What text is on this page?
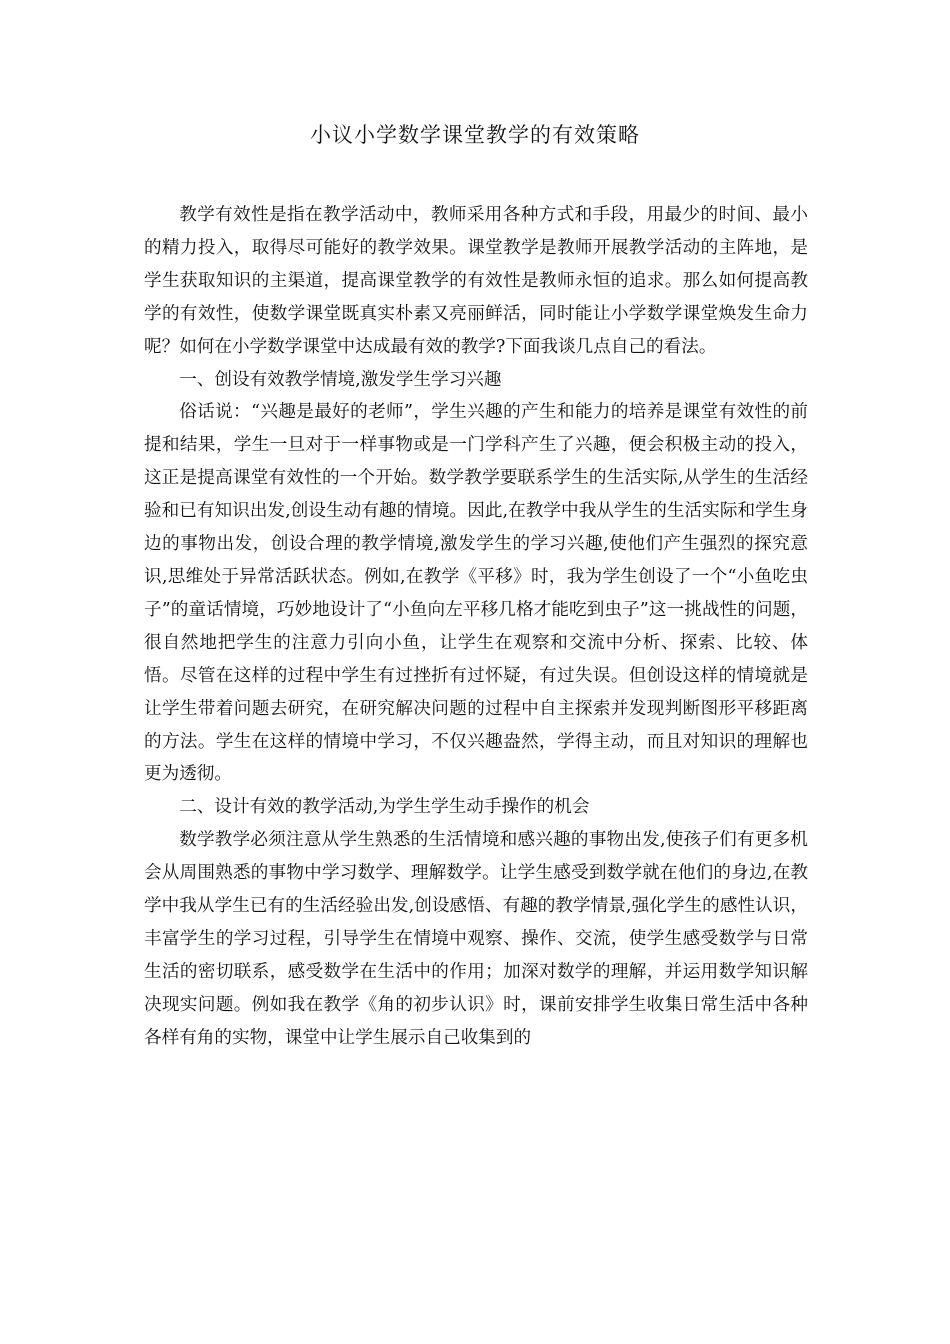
小议小学数学课堂教学的有效策略

教学有效性是指在教学活动中，教师采用各种方式和手段，用最少的时间、最小的精力投入，取得尽可能好的教学效果。课堂教学是教师开展教学活动的主阵地，是学生获取知识的主渠道，提高课堂教学的有效性是教师永恒的追求。那么如何提高教学的有效性，使数学课堂既真实朴素又亮丽鲜活，同时能让小学数学课堂焕发生命力呢？如何在小学数学课堂中达成最有效的教学?下面我谈几点自己的看法。

一、创设有效教学情境,激发学生学习兴趣

俗话说：“兴趣是最好的老师”，学生兴趣的产生和能力的培养是课堂有效性的前提和结果，学生一旦对于一样事物或是一门学科产生了兴趣，便会积极主动的投入，这正是提高课堂有效性的一个开始。数学教学要联系学生的生活实际,从学生的生活经验和已有知识出发,创设生动有趣的情境。因此,在教学中我从学生的生活实际和学生身边的事物出发，创设合理的教学情境,激发学生的学习兴趣,使他们产生强烈的探究意识,思维处于异常活跃状态。例如,在教学《平移》时，我为学生创设了一个“小鱼吃虫子”的童话情境，巧妙地设计了“小鱼向左平移几格才能吃到虫子”这一挑战性的问题，很自然地把学生的注意力引向小鱼，让学生在观察和交流中分析、探索、比较、体悟。尽管在这样的过程中学生有过挫折有过怀疑，有过失误。但创设这样的情境就是让学生带着问题去研究，在研究解决问题的过程中自主探索并发现判断图形平移距离的方法。学生在这样的情境中学习，不仅兴趣盎然，学得主动，而且对知识的理解也更为透彻。

二、设计有效的教学活动,为学生学生动手操作的机会

数学教学必须注意从学生熟悉的生活情境和感兴趣的事物出发,使孩子们有更多机会从周围熟悉的事物中学习数学、理解数学。让学生感受到数学就在他们的身边,在教学中我从学生已有的生活经验出发,创设感悟、有趣的教学情景,强化学生的感性认识，丰富学生的学习过程，引导学生在情境中观察、操作、交流，使学生感受数学与日常生活的密切联系，感受数学在生活中的作用；加深对数学的理解，并运用数学知识解决现实问题。例如我在教学《角的初步认识》时，课前安排学生收集日常生活中各种各样有角的实物，课堂中让学生展示自己收集到的
